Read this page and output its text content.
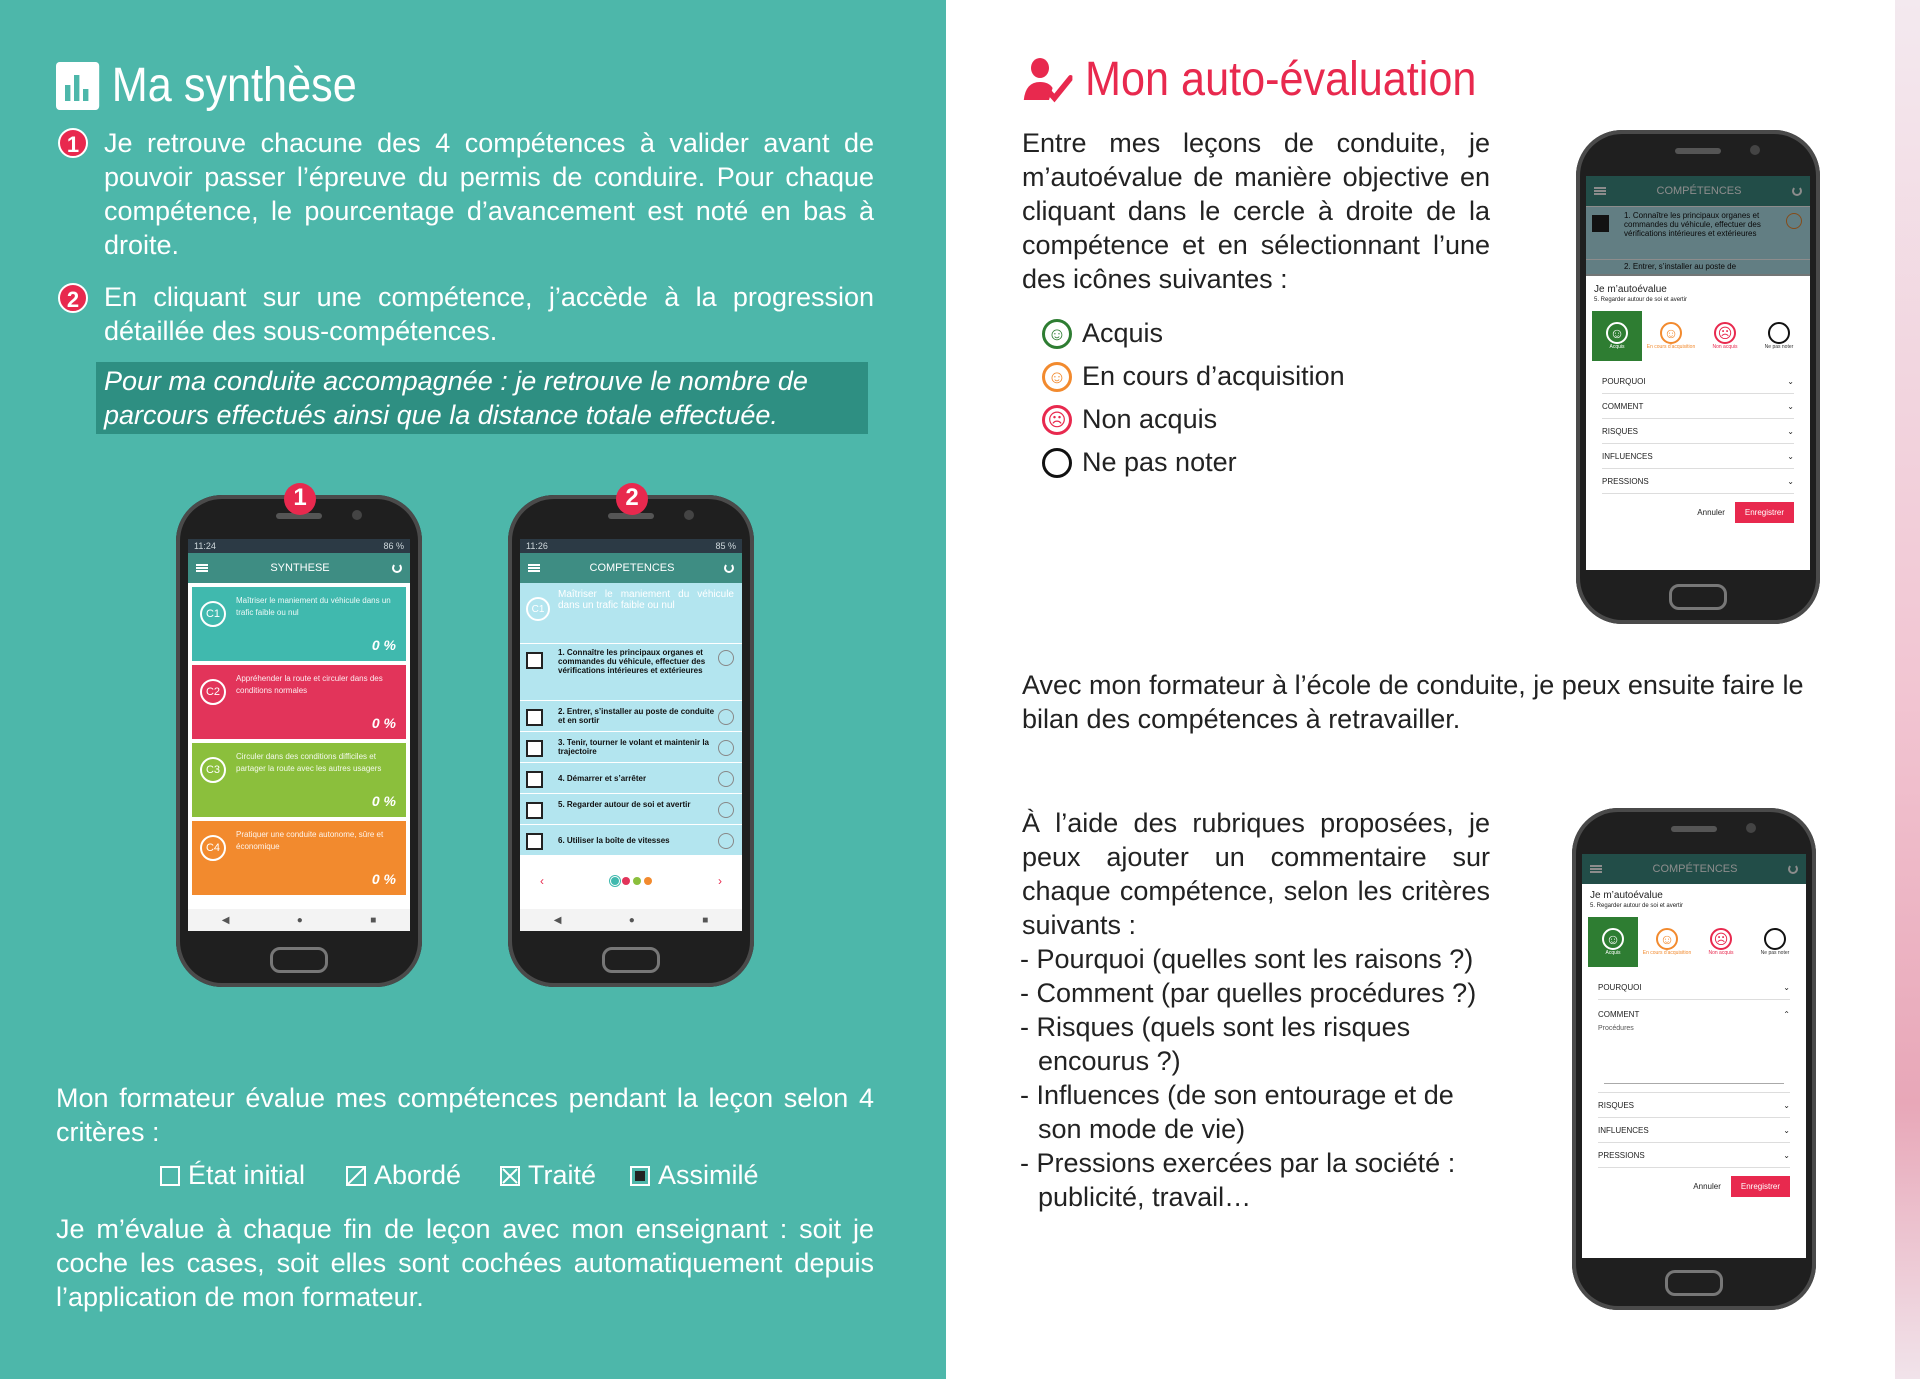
Ma synthèse
1 Je retrouve chacune des 4 compétences à valider avant de pouvoir passer l’épreuve du permis de conduire. Pour chaque compétence, le pourcentage d’avancement est noté en bas à droite.
2 En cliquant sur une compétence, j’accède à la progression détaillée des sous-compétences.
Pour ma conduite accompagnée : je retrouve le nombre de parcours effectués ainsi que la distance totale effectuée.
1
11:24	86 %
SYNTHESE
C1
Maîtriser le maniement du véhicule dans un trafic faible ou nul
0 %
C2
Appréhender la route et circuler dans des conditions normales
0 %
C3
Circuler dans des conditions difficiles et partager la route avec les autres usagers
0 %
C4
Pratiquer une conduite autonome, sûre et économique
0 %
◀	●	■
2
11:26	85 %
COMPETENCES
C1
Maîtriser le maniement du véhicule dans un trafic faible ou nul
1. Connaître les principaux organes et commandes du véhicule, effectuer des vérifications intérieures et extérieures
2. Entrer, s’installer au poste de conduite et en sortir
3. Tenir, tourner le volant et maintenir la trajectoire
4. Démarrer et s’arrêter
5. Regarder autour de soi et avertir
6. Utiliser la boîte de vitesses
‹	›
◀	●	■
Mon formateur évalue mes compétences pendant la leçon selon 4 critères :
État initial	Abordé Traité Assimilé
Je m’évalue à chaque fin de leçon avec mon enseignant : soit je coche les cases, soit elles sont cochées automatiquement depuis l’application de mon formateur.
Mon auto-évaluation
Entre mes leçons de conduite, je m’autoévalue de manière objective en cliquant dans le cercle à droite de la compétence et en sélectionnant l’une des icônes suivantes :
☺ Acquis
☺ En cours d’acquisition
☹ Non acquis
Ne pas noter
COMPÉTENCES
1. Connaître les principaux organes et commandes du véhicule, effectuer des vérifications intérieures et extérieures
2. Entrer, s’installer au poste de
Je m’autoévalue
5. Regarder autour de soi et avertir
☺
Acquis
☺
En cours d'acquisition
☹
Non acquis	Ne pas noter
POURQUOI	⌄
COMMENT	⌄
RISQUES	⌄
INFLUENCES	⌄
PRESSIONS	⌄
Annuler	Enregistrer
Avec mon formateur à l’école de conduite, je peux ensuite faire le bilan des compétences à retravailler.
À l’aide des rubriques proposées, je peux ajouter un commentaire sur chaque compétence, selon les critères suivants :
- Pourquoi (quelles sont les raisons ?)
- Comment (par quelles procédures ?)
- Risques (quels sont les risques encourus ?)
- Influences (de son entourage et de son mode de vie)
- Pressions exercées par la société : publicité, travail…
COMPÉTENCES
Je m’autoévalue
5. Regarder autour de soi et avertir
☺
Acquis
☺
En cours d'acquisition
☹
Non acquis	Ne pas noter
POURQUOI	⌄
COMMENT	⌃
Procédures
RISQUES	⌄
INFLUENCES	⌄
PRESSIONS	⌄
Annuler	Enregistrer
